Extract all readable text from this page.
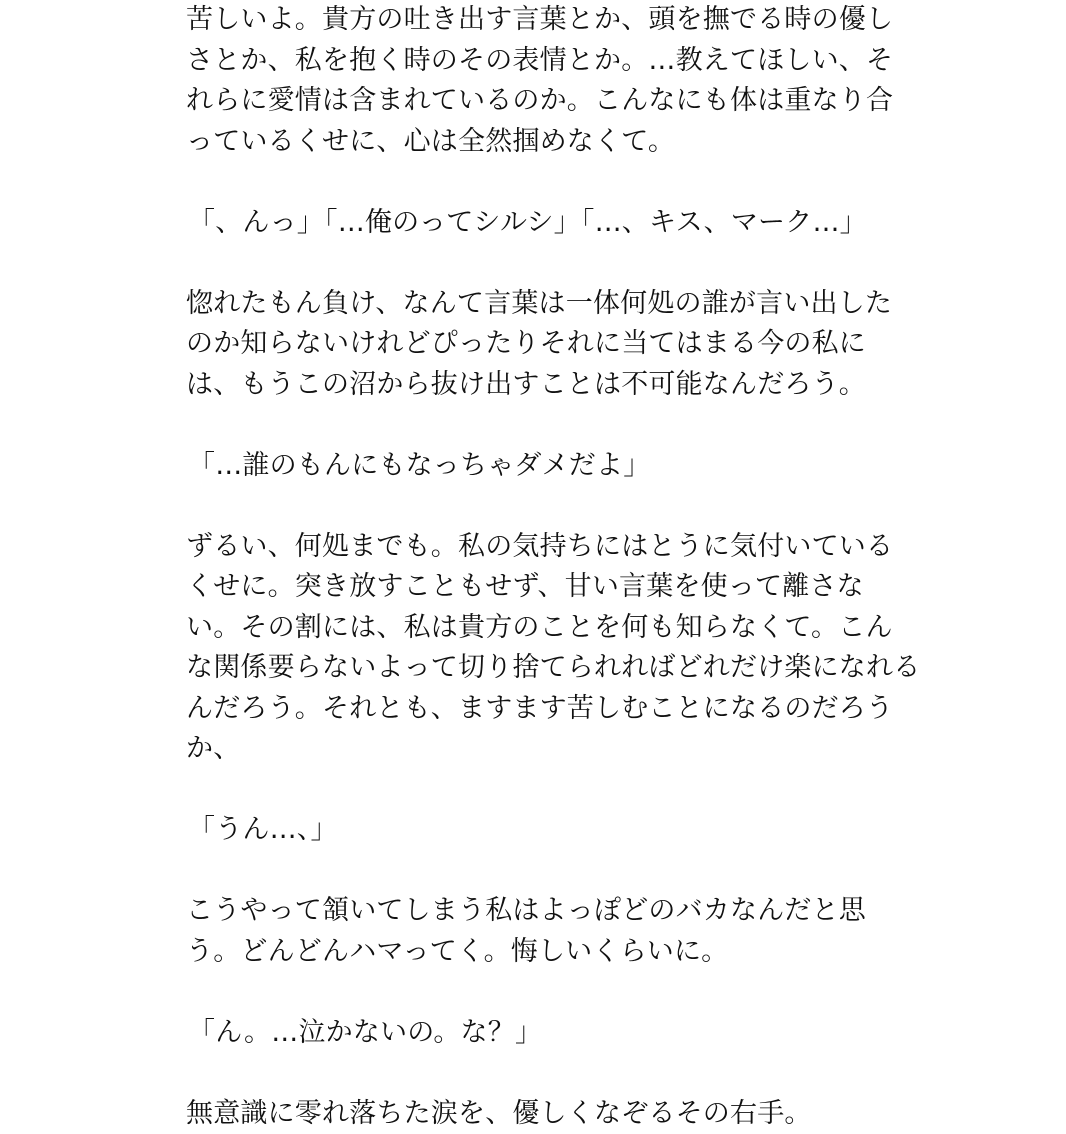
苦しいよ。貴方の吐き出す言葉とか、頭を撫でる時の優し
さとか、私を抱く時のその表情とか。…教えてほしい、そ
れらに愛情は含まれているのか。こんなにも体は重なり合
っているくせに、心は全然掴めなくて。
「、んっ」「…俺のってシルシ」「…、キス、マーク…」
惚れたもん負け、なんて言葉は一体何処の誰が言い出した
のか知らないけれどぴったりそれに当てはまる今の私に
は、もうこの沼から抜け出すことは不可能なんだろう。
「…誰のもんにもなっちゃダメだよ」
ずるい、何処までも。私の気持ちにはとうに気付いている
くせに。突き放すこともせず、甘い言葉を使って離さな
い。その割には、私は貴方のことを何も知らなくて。こん
な関係要らないよって切り捨てられればどれだけ楽になれる
んだろう。それとも、ますます苦しむことになるのだろう
か、
「うん…、」
こうやって頷いてしまう私はよっぽどのバカなんだと思
う。どんどんハマってく。悔しいくらいに。
「ん。…泣かないの。な？」
無意識に零れ落ちた涙を、優しくなぞるその右手。
